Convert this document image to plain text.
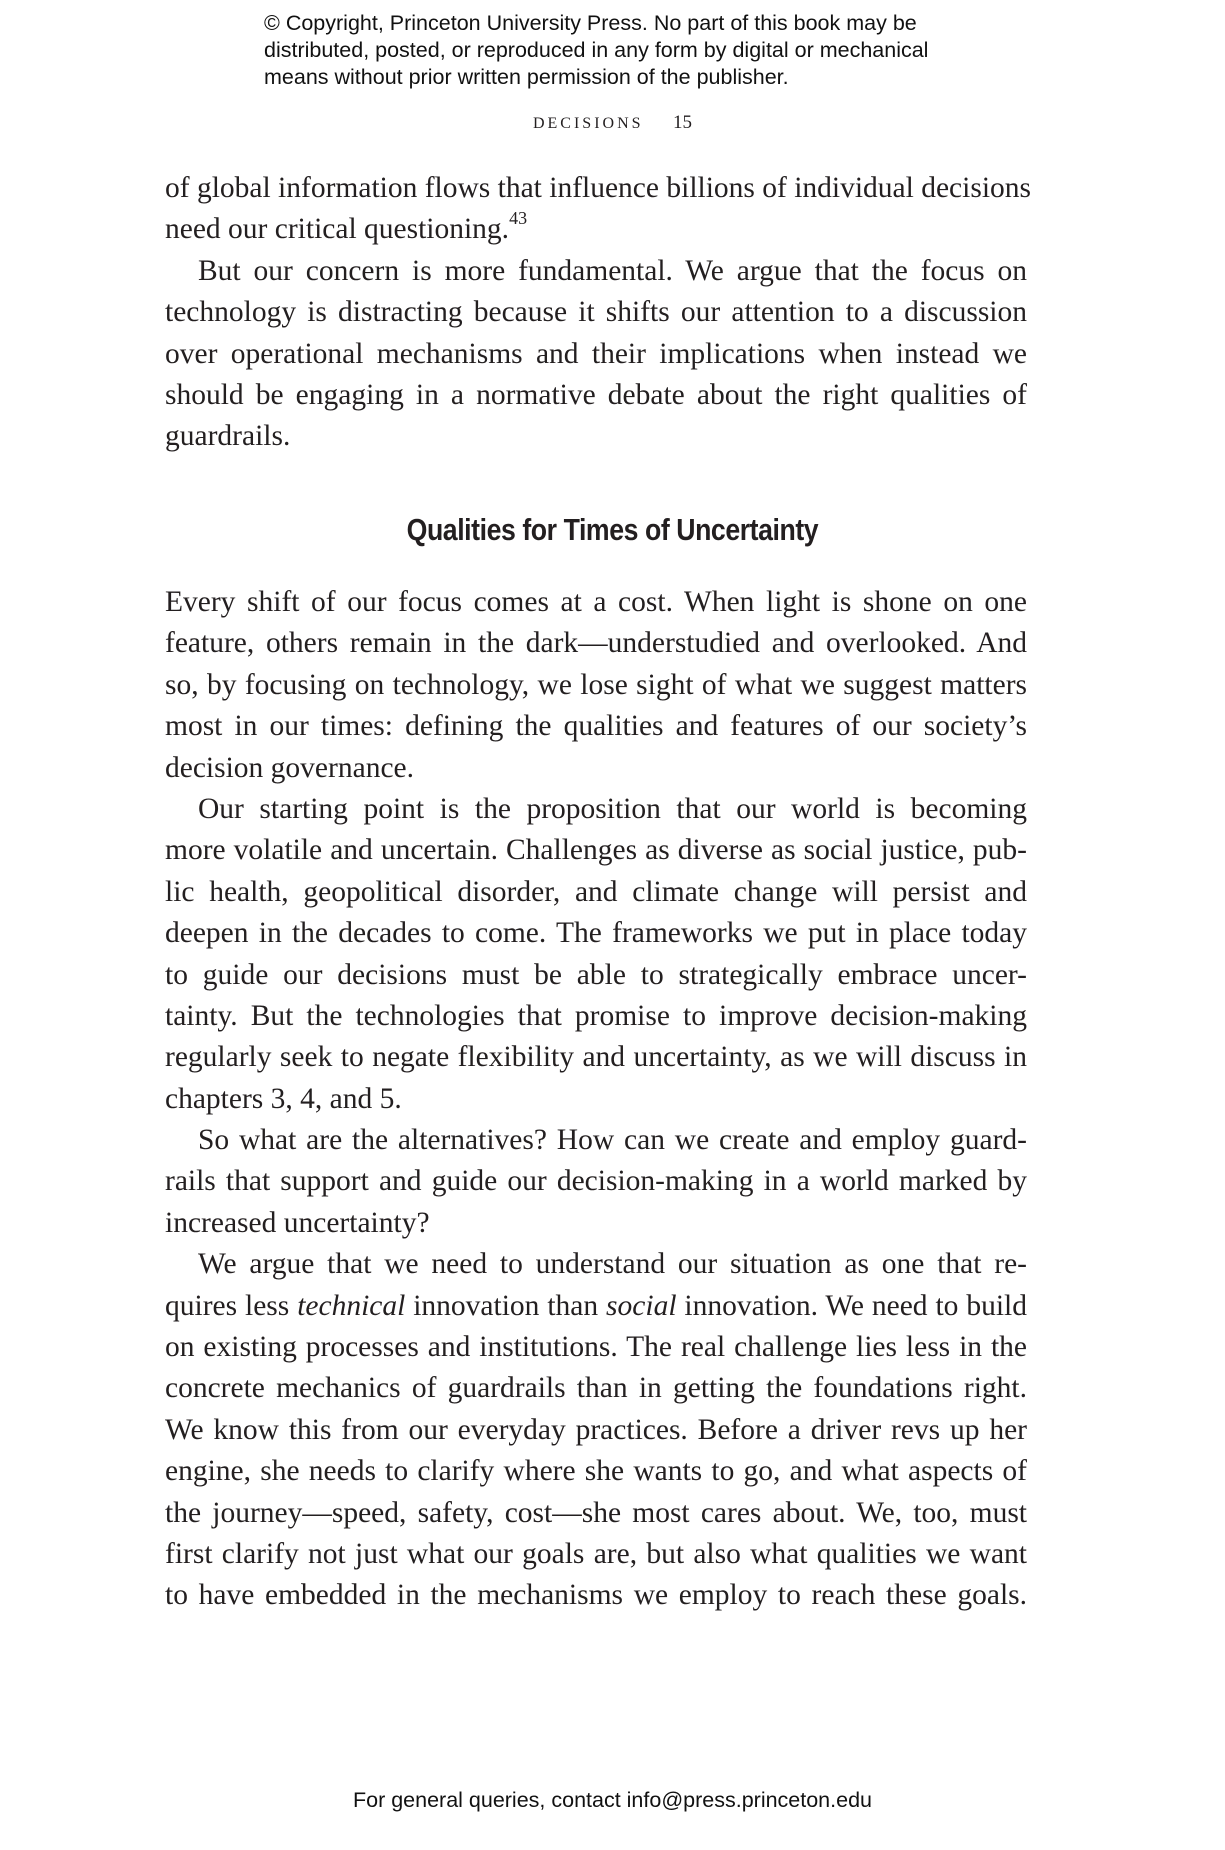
© Copyright, Princeton University Press. No part of this book may be
distributed, posted, or reproduced in any form by digital or mechanical
means without prior written permission of the publisher.
DECISIONS 15
of global information flows that influence billions of individual decisions
need our critical questioning.$^{43}$
But our concern is more fundamental. We argue that the focus on
technology is distracting because it shifts our attention to a discussion
over operational mechanisms and their implications when instead we
should be engaging in a normative debate about the right qualities of
guardrails.
Qualities for Times of Uncertainty
Every shift of our focus comes at a cost. When light is shone on one
feature, others remain in the dark—understudied and overlooked. And
so, by focusing on technology, we lose sight of what we suggest matters
most in our times: defining the qualities and features of our society’s
decision governance.
Our starting point is the proposition that our world is becoming
more volatile and uncertain. Challenges as diverse as social justice, pub-
lic health, geopolitical disorder, and climate change will persist and
deepen in the decades to come. The frameworks we put in place today
to guide our decisions must be able to strategically embrace uncer-
tainty. But the technologies that promise to improve decision-making
regularly seek to negate flexibility and uncertainty, as we will discuss in
chapters 3, 4, and 5.
So what are the alternatives? How can we create and employ guard-
rails that support and guide our decision-making in a world marked by
increased uncertainty?
We argue that we need to understand our situation as one that re-
quires less technical innovation than social innovation. We need to build
on existing processes and institutions. The real challenge lies less in the
concrete mechanics of guardrails than in getting the foundations right.
We know this from our everyday practices. Before a driver revs up her
engine, she needs to clarify where she wants to go, and what aspects of
the journey—speed, safety, cost—she most cares about. We, too, must
first clarify not just what our goals are, but also what qualities we want
to have embedded in the mechanisms we employ to reach these goals.
For general queries, contact info@press.princeton.edu
